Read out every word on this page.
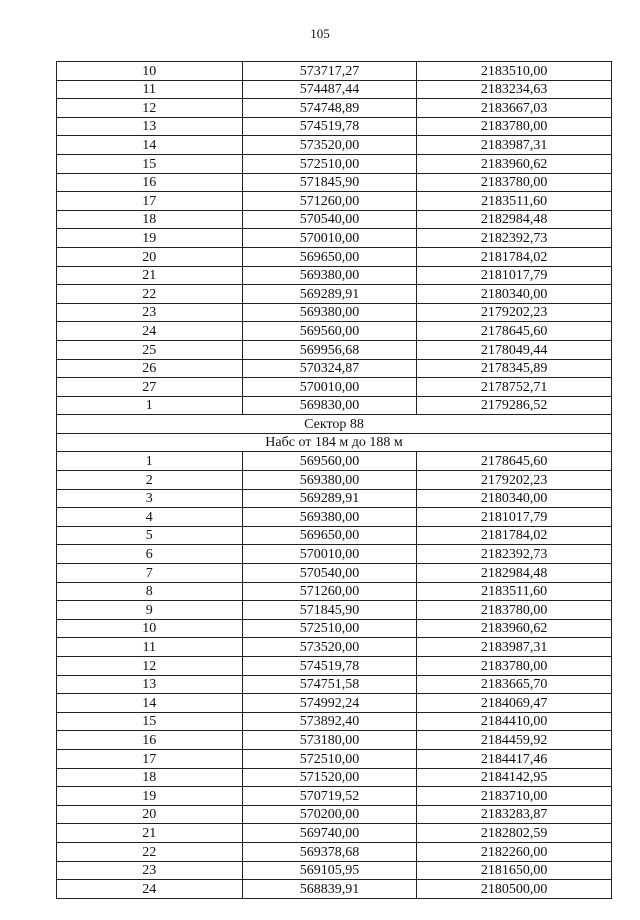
105
10	573717,27	2183510,00
11	574487,44	2183234,63
12	574748,89	2183667,03
13	574519,78	2183780,00
14	573520,00	2183987,31
15	572510,00	2183960,62
16	571845,90	2183780,00
17	571260,00	2183511,60
18	570540,00	2182984,48
19	570010,00	2182392,73
20	569650,00	2181784,02
21	569380,00	2181017,79
22	569289,91	2180340,00
23	569380,00	2179202,23
24	569560,00	2178645,60
25	569956,68	2178049,44
26	570324,87	2178345,89
27	570010,00	2178752,71
1	569830,00	2179286,52
Сектор 88		
Набс от 184 м до 188 м		
1	569560,00	2178645,60
2	569380,00	2179202,23
3	569289,91	2180340,00
4	569380,00	2181017,79
5	569650,00	2181784,02
6	570010,00	2182392,73
7	570540,00	2182984,48
8	571260,00	2183511,60
9	571845,90	2183780,00
10	572510,00	2183960,62
11	573520,00	2183987,31
12	574519,78	2183780,00
13	574751,58	2183665,70
14	574992,24	2184069,47
15	573892,40	2184410,00
16	573180,00	2184459,92
17	572510,00	2184417,46
18	571520,00	2184142,95
19	570719,52	2183710,00
20	570200,00	2183283,87
21	569740,00	2182802,59
22	569378,68	2182260,00
23	569105,95	2181650,00
24	568839,91	2180500,00
